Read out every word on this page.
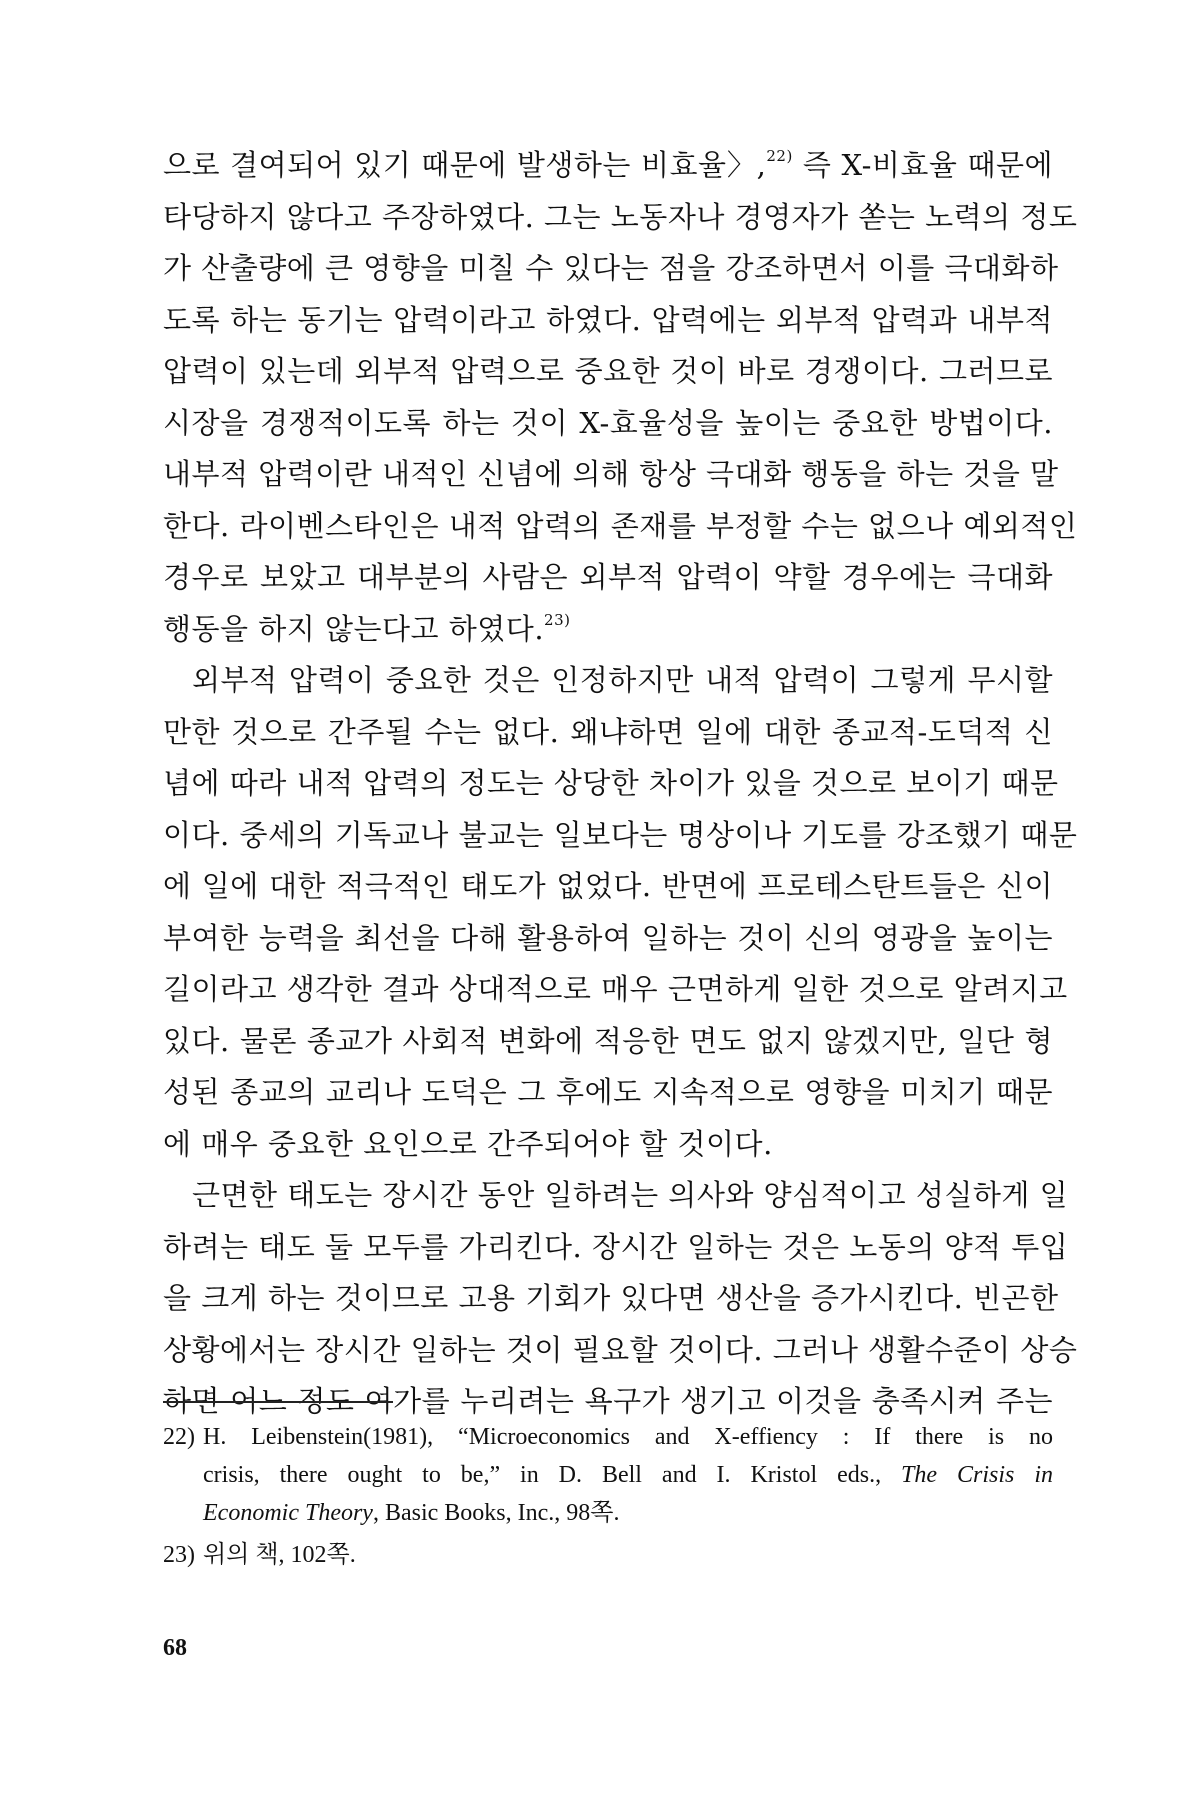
으로 결여되어 있기 때문에 발생하는 비효율〉,$^{22)}$ 즉 X-비효율 때문에
타당하지 않다고 주장하였다. 그는 노동자나 경영자가 쏟는 노력의 정도
가 산출량에 큰 영향을 미칠 수 있다는 점을 강조하면서 이를 극대화하
도록 하는 동기는 압력이라고 하였다. 압력에는 외부적 압력과 내부적
압력이 있는데 외부적 압력으로 중요한 것이 바로 경쟁이다. 그러므로
시장을 경쟁적이도록 하는 것이 X-효율성을 높이는 중요한 방법이다.
내부적 압력이란 내적인 신념에 의해 항상 극대화 행동을 하는 것을 말
한다. 라이벤스타인은 내적 압력의 존재를 부정할 수는 없으나 예외적인
경우로 보았고 대부분의 사람은 외부적 압력이 약할 경우에는 극대화
행동을 하지 않는다고 하였다.$^{23)}$
외부적 압력이 중요한 것은 인정하지만 내적 압력이 그렇게 무시할
만한 것으로 간주될 수는 없다. 왜냐하면 일에 대한 종교적-도덕적 신
념에 따라 내적 압력의 정도는 상당한 차이가 있을 것으로 보이기 때문
이다. 중세의 기독교나 불교는 일보다는 명상이나 기도를 강조했기 때문
에 일에 대한 적극적인 태도가 없었다. 반면에 프로테스탄트들은 신이
부여한 능력을 최선을 다해 활용하여 일하는 것이 신의 영광을 높이는
길이라고 생각한 결과 상대적으로 매우 근면하게 일한 것으로 알려지고
있다. 물론 종교가 사회적 변화에 적응한 면도 없지 않겠지만, 일단 형
성된 종교의 교리나 도덕은 그 후에도 지속적으로 영향을 미치기 때문
에 매우 중요한 요인으로 간주되어야 할 것이다.
근면한 태도는 장시간 동안 일하려는 의사와 양심적이고 성실하게 일
하려는 태도 둘 모두를 가리킨다. 장시간 일하는 것은 노동의 양적 투입
을 크게 하는 것이므로 고용 기회가 있다면 생산을 증가시킨다. 빈곤한
상황에서는 장시간 일하는 것이 필요할 것이다. 그러나 생활수준이 상승
하면 어느 정도 여가를 누리려는 욕구가 생기고 이것을 충족시켜 주는
22) H. Leibenstein(1981), “Microeconomics and X-effiency : If there is no
crisis, there ought to be,” in D. Bell and I. Kristol eds., The Crisis in
Economic Theory, Basic Books, Inc., 98쪽.
23) 위의 책, 102쪽.
68
